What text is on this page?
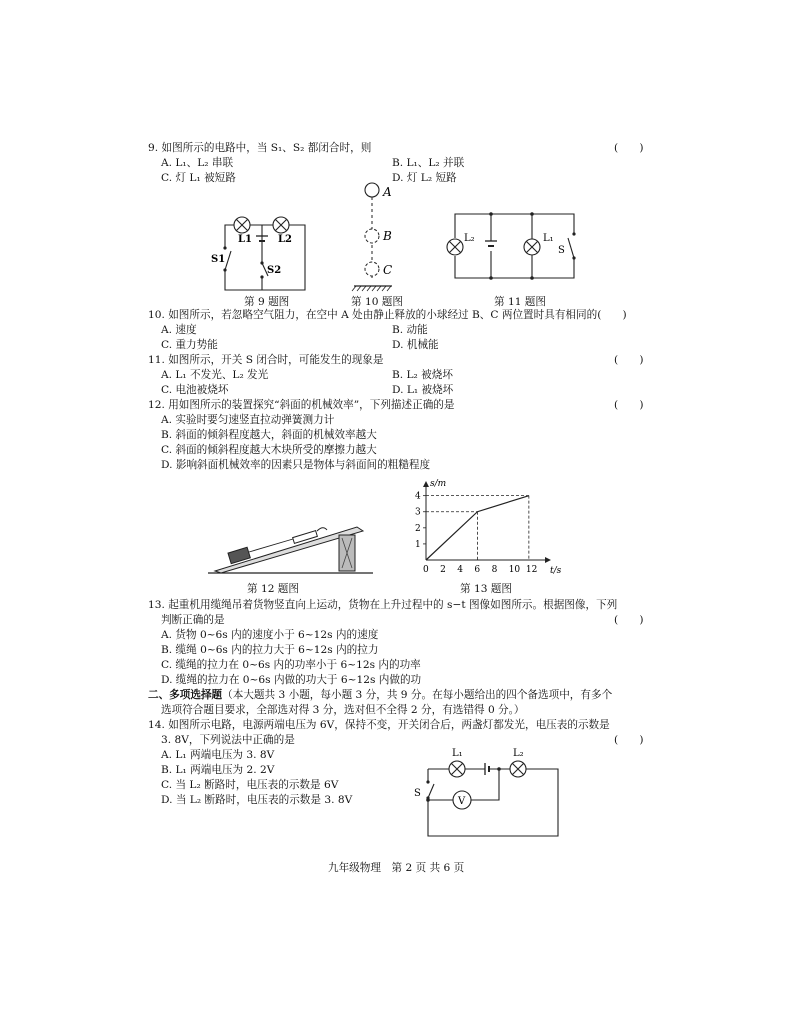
9. 如图所示的电路中，当 S₁、S₂ 都闭合时，则	(　　)
A. L₁、L₂ 串联	B. L₁、L₂ 并联
C. 灯 L₁ 被短路	D. 灯 L₂ 短路
L1	L2
S1
S2
第 9 题图
A
B
C
第 10 题图
L₂	L₁
S
第 11 题图
10. 如图所示，若忽略空气阻力，在空中 A 处由静止释放的小球经过 B、C 两位置时具有相同的(　　)
A. 速度	B. 动能
C. 重力势能	D. 机械能
11. 如图所示，开关 S 闭合时，可能发生的现象是	(　　)
A. L₁ 不发光、L₂ 发光	B. L₂ 被烧坏
C. 电池被烧坏	D. L₁ 被烧坏
12. 用如图所示的装置探究“斜面的机械效率”，下列描述正确的是	(　　)
A. 实验时要匀速竖直拉动弹簧测力计
B. 斜面的倾斜程度越大，斜面的机械效率越大
C. 斜面的倾斜程度越大木块所受的摩擦力越大
D. 影响斜面机械效率的因素只是物体与斜面间的粗糙程度
第 12 题图
0 2 4 6 8 10 12
1
2
3
4
t/s
s/m
第 13 题图
13. 起重机用缆绳吊着货物竖直向上运动，货物在上升过程中的 s−t 图像如图所示。根据图像，下列
判断正确的是	(　　)
A. 货物 0~6s 内的速度小于 6~12s 内的速度
B. 缆绳 0~6s 内的拉力大于 6~12s 内的拉力
C. 缆绳的拉力在 0~6s 内的功率小于 6~12s 内的功率
D. 缆绳的拉力在 0~6s 内做的功大于 6~12s 内做的功
二、多项选择题（本大题共 3 小题，每小题 3 分，共 9 分。在每小题给出的四个备选项中，有多个
选项符合题目要求，全部选对得 3 分，选对但不全得 2 分，有选错得 0 分。）
14. 如图所示电路，电源两端电压为 6V，保持不变，开关闭合后，两盏灯都发光，电压表的示数是
3. 8V，下列说法中正确的是	(　　)
A. L₁ 两端电压为 3. 8V
B. L₁ 两端电压为 2. 2V
C. 当 L₂ 断路时，电压表的示数是 6V
D. 当 L₂ 断路时，电压表的示数是 3. 8V	V
L₁	L₂
S
九年级物理　第 2 页 共 6 页
